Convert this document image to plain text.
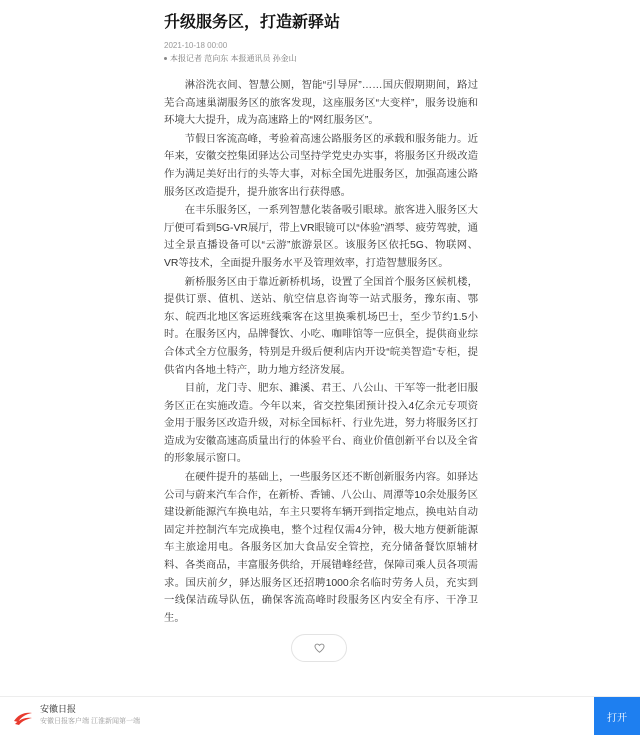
升级服务区，打造新驿站
2021-10-18 00:00
本报记者 范向东 本报通讯员 孙金山

淋浴洗衣间、智慧公厕，智能“引导屏”……国庆假期期间，路过芜合高速巢湖服务区的旅客发现，这座服务区“大变样”，服务设施和环境大大提升，成为高速路上的“网红服务区”。

节假日客流高峰，考验着高速公路服务区的承载和服务能力。近年来，安徽交控集团驿达公司坚持学党史办实事，将服务区升级改造作为满足美好出行的头等大事，对标全国先进服务区，加强高速公路服务区改造提升，提升旅客出行获得感。

在丰乐服务区，一系列智慧化装备吸引眼球。旅客进入服务区大厅便可看到5G-VR展厅，带上VR眼镜可以“体验”酒琴、疲劳驾驶，通过全景直播设备可以“云游”旅游景区。该服务区依托5G、物联网、VR等技术，全面提升服务水平及管理效率，打造智慧服务区。

新桥服务区由于靠近新桥机场，设置了全国首个服务区候机楼，提供订票、值机、送站、航空信息咨询等一站式服务，豫东南、鄂东、皖西北地区客运班线乘客在这里换乘机场巴士，至少节约1.5小时。在服务区内，品牌餐饮、小吃、咖啡馆等一应俱全，提供商业综合体式全方位服务，特别是升级后便利店内开设“皖美智造”专柜，提供省内各地土特产，助力地方经济发展。

目前，龙门寺、肥东、濉溪、君王、八公山、干军等一批老旧服务区正在实施改造。今年以来，省交控集团预计投入4亿余元专项资金用于服务区改造升级，对标全国标杆、行业先进，努力将服务区打造成为安徽高速高质量出行的体验平台、商业价值创新平台以及全省的形象展示窗口。

在硬件提升的基础上，一些服务区还不断创新服务内容。如驿达公司与蔚来汽车合作，在新桥、香铺、八公山、周潭等10余处服务区建设新能源汽车换电站，车主只要将车辆开到指定地点，换电站自动固定并控制汽车完成换电，整个过程仅需4分钟，极大地方便新能源车主旅途用电。各服务区加大食品安全管控，充分储备餐饮原辅材料、各类商品，丰富服务供给，开展错峰经营，保障司乘人员各项需求。国庆前夕，驿达服务区还招聘1000余名临时劳务人员，充实到一线保洁疏导队伍，确保客流高峰时段服务区内安全有序、干净卫生。

安徽日报
安徽日报客户端 江淮新闻第一端	打开
